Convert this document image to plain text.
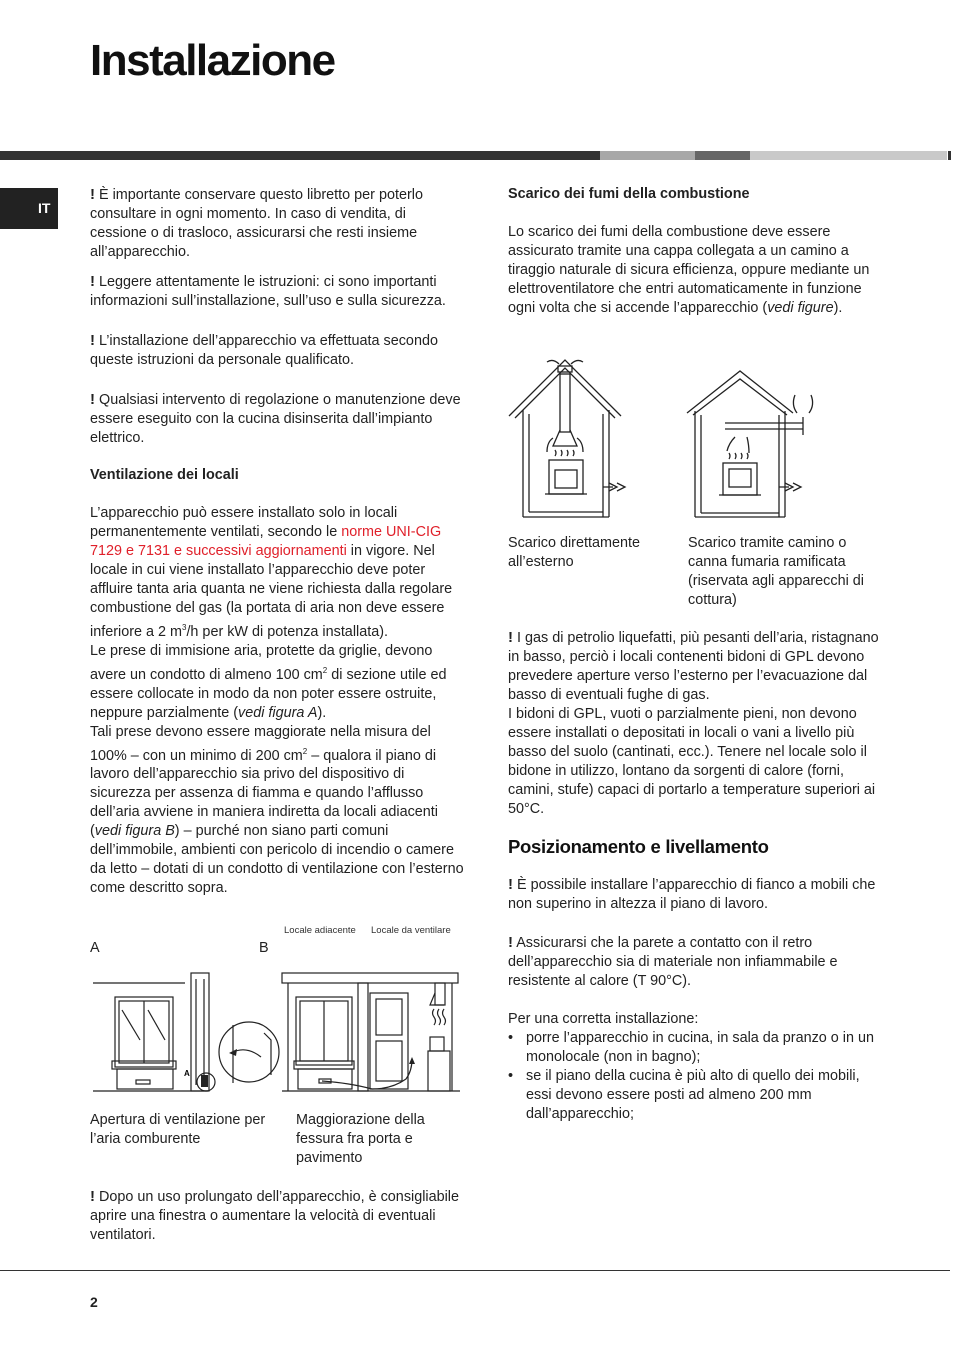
Installazione
IT

! È importante conservare questo libretto per poterlo consultare in ogni momento. In caso di vendita, di cessione o di trasloco, assicurarsi che resti insieme all’apparecchio.

! Leggere attentamente le istruzioni: ci sono importanti informazioni sull’installazione, sull’uso e sulla sicurezza.

! L’installazione dell’apparecchio va effettuata secondo queste istruzioni da personale qualificato.

! Qualsiasi intervento di regolazione o manutenzione deve essere eseguito con la cucina disinserita dall’impianto elettrico.

Ventilazione dei locali

L’apparecchio può essere installato solo in locali permanentemente ventilati, secondo le norme UNI-CIG 7129 e 7131 e successivi aggiornamenti in vigore. Nel locale in cui viene installato l’apparecchio deve poter affluire tanta aria quanta ne viene richiesta dalla regolare combustione del gas (la portata di aria non deve essere inferiore a 2 $m^3/h$ per kW di potenza installata).

Le prese di immisione aria, protette da griglie, devono avere un condotto di almeno 100 $cm^2$ di sezione utile ed essere collocate in modo da non poter essere ostruite, neppure parzialmente (vedi figura A).

Tali prese devono essere maggiorate nella misura del 100% – con un minimo di 200 $cm^2$ – qualora il piano di lavoro dell’apparecchio sia privo del dispositivo di sicurezza per assenza di fiamma e quando l’afflusso dell’aria avviene in maniera indiretta da locali adiacenti (vedi figura B) – purché non siano parti comuni dell’immobile, ambienti con pericolo di incendio o camere da letto – dotati di un condotto di ventilazione con l’esterno come descritto sopra.

Locale adiacente Locale da ventilare
A	B
A
Apertura di ventilazione per l’aria comburente
Maggiorazione della fessura fra porta e pavimento

! Dopo un uso prolungato dell’apparecchio, è consigliabile aprire una finestra o aumentare la velocità di eventuali ventilatori.

Scarico dei fumi della combustione

Lo scarico dei fumi della combustione deve essere assicurato tramite una cappa collegata a un camino a tiraggio naturale di sicura efficienza, oppure mediante un elettroventilatore che entri automaticamente in funzione ogni volta che si accende l’apparecchio (vedi figure).

Scarico direttamente all’esterno
Scarico tramite camino o canna fumaria ramificata (riservata agli apparecchi di cottura)

! I gas di petrolio liquefatti, più pesanti dell’aria, ristagnano in basso, perciò i locali contenenti bidoni di GPL devono prevedere aperture verso l’esterno per l’evacuazione dal basso di eventuali fughe di gas.

I bidoni di GPL, vuoti o parzialmente pieni, non devono essere installati o depositati in locali o vani a livello più basso del suolo (cantinati, ecc.). Tenere nel locale solo il bidone in utilizzo, lontano da sorgenti di calore (forni, camini, stufe) capaci di portarlo a temperature superiori ai 50°C.

Posizionamento e livellamento

! È possibile installare l’apparecchio di fianco a mobili che non superino in altezza il piano di lavoro.

! Assicurarsi che la parete a contatto con il retro dell’apparecchio sia di materiale non infiammabile e resistente al calore (T 90°C).

Per una corretta installazione:

• porre l’apparecchio in cucina, in sala da pranzo o in un monolocale (non in bagno);

• se il piano della cucina è più alto di quello dei mobili, essi devono essere posti ad almeno 200 mm dall’apparecchio;

2
